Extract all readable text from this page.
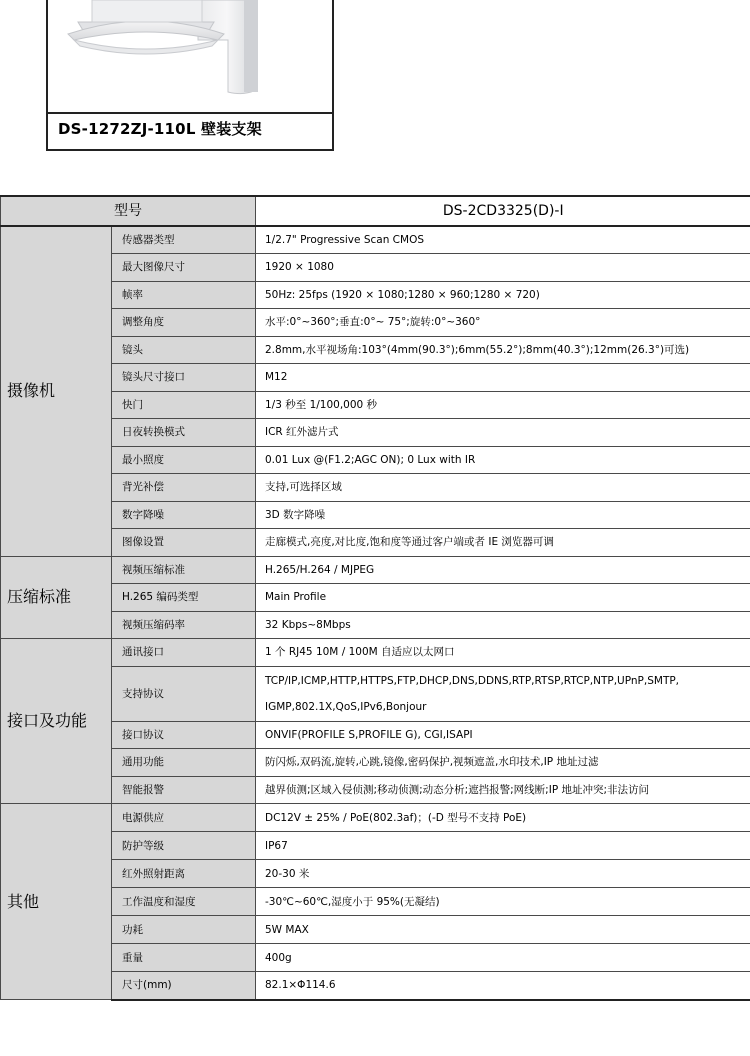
DS-1272ZJ-110L 壁装支架
型号		DS-2CD3325(D)-I
摄像机	传感器类型	1/2.7" Progressive Scan CMOS
	最大图像尺寸	1920 × 1080
	帧率	50Hz: 25fps (1920 × 1080;1280 × 960;1280 × 720)
	调整角度	水平:0°~360°;垂直:0°~ 75°;旋转:0°~360°
	镜头	2.8mm,水平视场角:103°(4mm(90.3°);6mm(55.2°);8mm(40.3°);12mm(26.3°)可选)
	镜头尺寸接口	M12
	快门	1/3 秒至 1/100,000 秒
	日夜转换模式	ICR 红外滤片式
	最小照度	0.01 Lux @(F1.2;AGC ON); 0 Lux with IR
	背光补偿	支持,可选择区域
	数字降噪	3D 数字降噪
	图像设置	走廊模式,亮度,对比度,饱和度等通过客户端或者 IE 浏览器可调
压缩标准	视频压缩标准	H.265/H.264 / MJPEG
	H.265 编码类型	Main Profile
	视频压缩码率	32 Kbps~8Mbps
接口及功能	通讯接口	1 个 RJ45 10M / 100M 自适应以太网口
	支持协议	TCP/IP,ICMP,HTTP,HTTPS,FTP,DHCP,DNS,DDNS,RTP,RTSP,RTCP,NTP,UPnP,SMTP,
IGMP,802.1X,QoS,IPv6,Bonjour

	接口协议	ONVIF(PROFILE S,PROFILE G), CGI,ISAPI
	通用功能	防闪烁,双码流,旋转,心跳,镜像,密码保护,视频遮盖,水印技术,IP 地址过滤
	智能报警	越界侦测;区域入侵侦测;移动侦测;动态分析;遮挡报警;网线断;IP 地址冲突;非法访问
其他	电源供应	DC12V ± 25% / PoE(802.3af)；(-D 型号不支持 PoE)
	防护等级	IP67
	红外照射距离	20-30 米
	工作温度和湿度	-30℃~60℃,湿度小于 95%(无凝结)
	功耗	5W MAX
	重量	400g
	尺寸(mm)	82.1×Φ114.6
